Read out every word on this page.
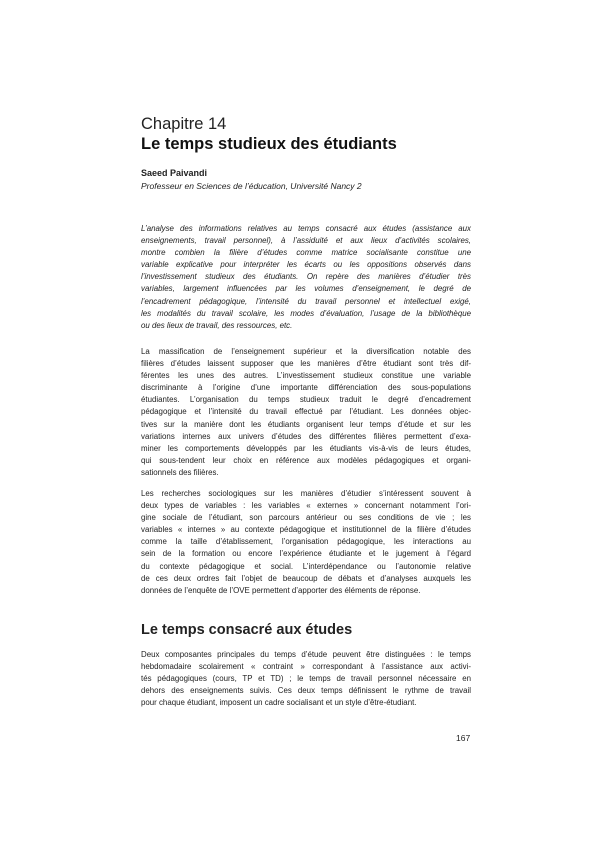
Chapitre 14
Le temps studieux des étudiants
Saeed Paivandi
Professeur en Sciences de l’éducation, Université Nancy 2
L’analyse des informations relatives au temps consacré aux études (assistance aux
enseignements, travail personnel), à l’assiduité et aux lieux d’activités scolaires,
montre combien la filière d’études comme matrice socialisante constitue une
variable explicative pour interpréter les écarts ou les oppositions observés dans
l’investissement studieux des étudiants. On repère des manières d’étudier très
variables, largement influencées par les volumes d’enseignement, le degré de
l’encadrement pédagogique, l’intensité du travail personnel et intellectuel exigé,
les modalités du travail scolaire, les modes d’évaluation, l’usage de la bibliothèque
ou des lieux de travail, des ressources, etc.
La massification de l’enseignement supérieur et la diversification notable des
filières d’études laissent supposer que les manières d’être étudiant sont très dif-
férentes les unes des autres. L’investissement studieux constitue une variable
discriminante à l’origine d’une importante différenciation des sous-populations
étudiantes. L’organisation du temps studieux traduit le degré d’encadrement
pédagogique et l’intensité du travail effectué par l’étudiant. Les données objec-
tives sur la manière dont les étudiants organisent leur temps d’étude et sur les
variations internes aux univers d’études des différentes filières permettent d’exa-
miner les comportements développés par les étudiants vis-à-vis de leurs études,
qui sous-tendent leur choix en référence aux modèles pédagogiques et organi-
sationnels des filières.
Les recherches sociologiques sur les manières d’étudier s’intéressent souvent à
deux types de variables : les variables « externes » concernant notamment l’ori-
gine sociale de l’étudiant, son parcours antérieur ou ses conditions de vie ; les
variables « internes » au contexte pédagogique et institutionnel de la filière d’études
comme la taille d’établissement, l’organisation pédagogique, les interactions au
sein de la formation ou encore l’expérience étudiante et le jugement à l’égard
du contexte pédagogique et social. L’interdépendance ou l’autonomie relative
de ces deux ordres fait l’objet de beaucoup de débats et d’analyses auxquels les
données de l’enquête de l’OVE permettent d’apporter des éléments de réponse.
Le temps consacré aux études
Deux composantes principales du temps d’étude peuvent être distinguées : le temps
hebdomadaire scolairement « contraint » correspondant à l’assistance aux activi-
tés pédagogiques (cours, TP et TD) ; le temps de travail personnel nécessaire en
dehors des enseignements suivis. Ces deux temps définissent le rythme de travail
pour chaque étudiant, imposent un cadre socialisant et un style d’être-étudiant.
167
